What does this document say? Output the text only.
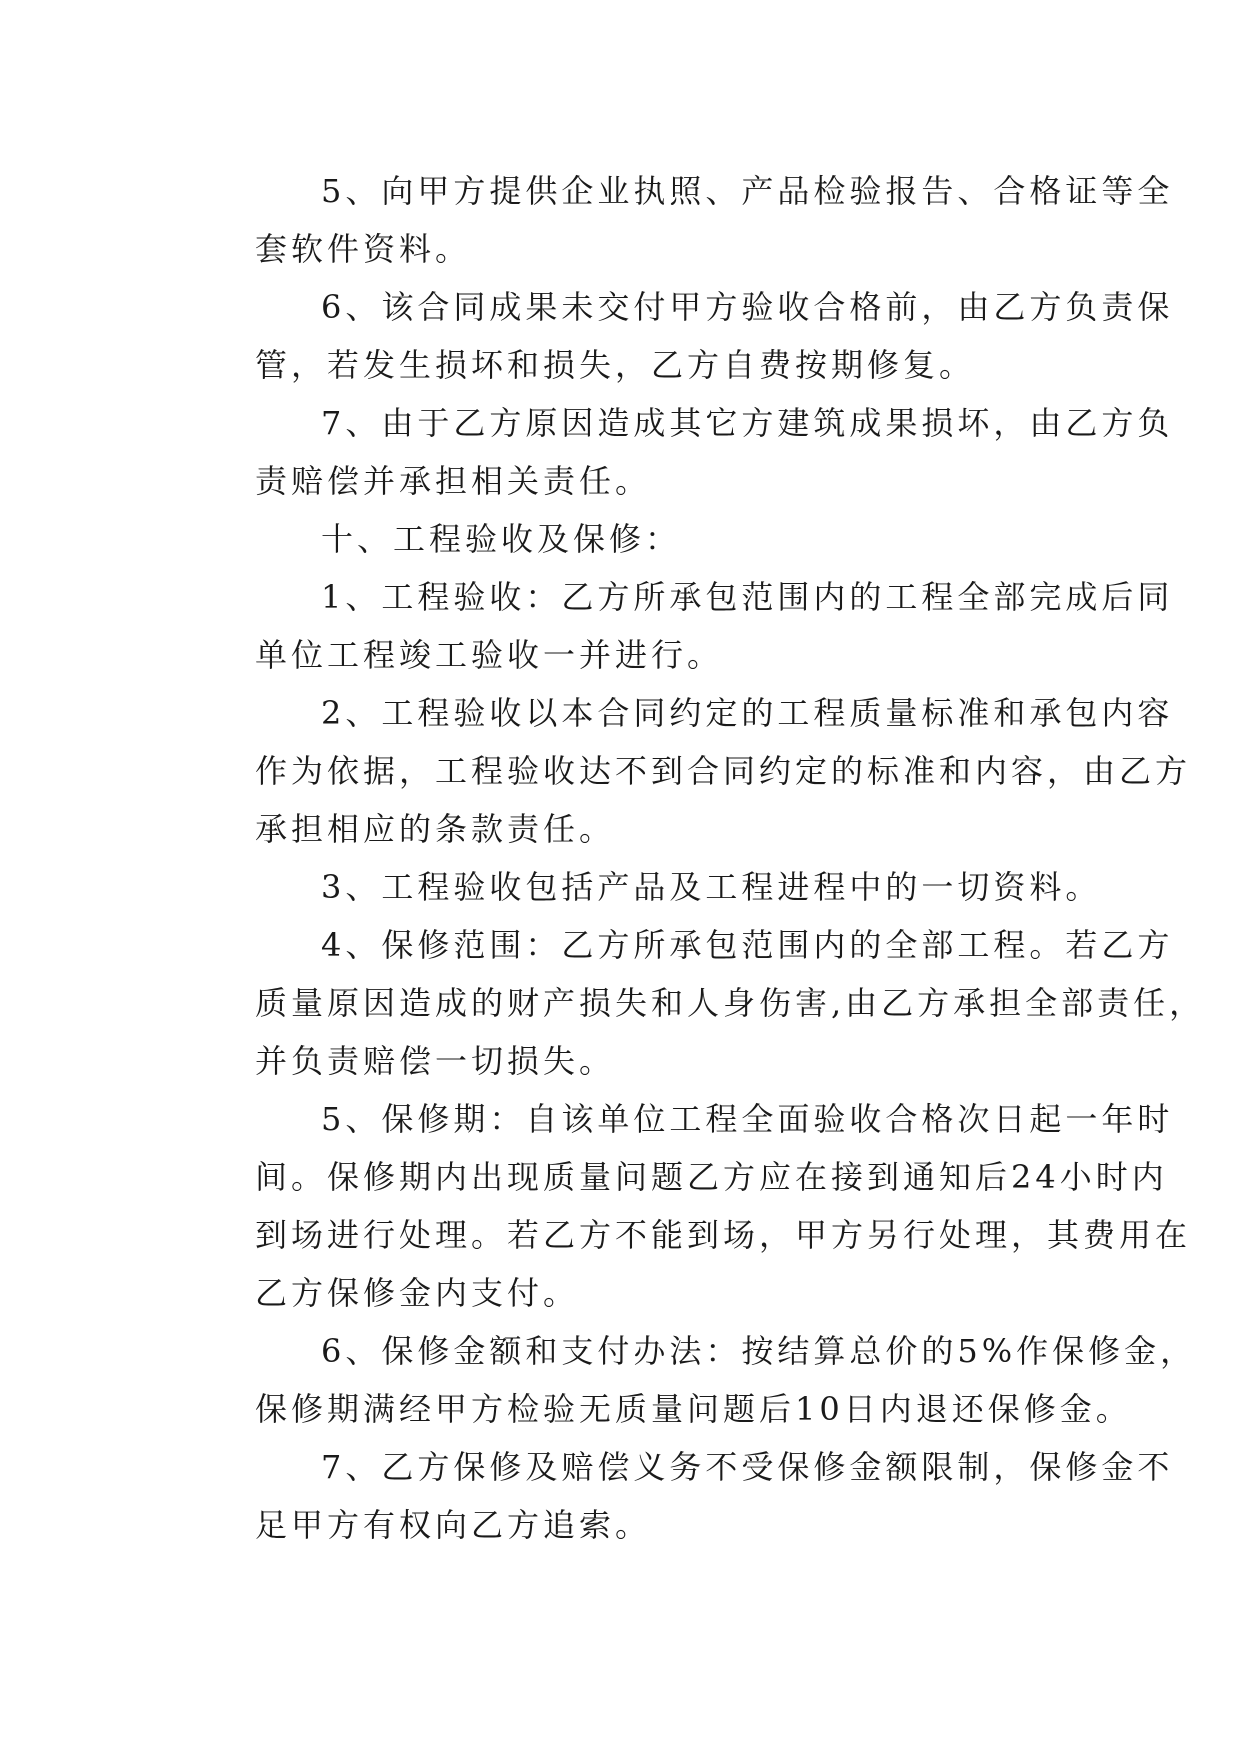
5、向甲方提供企业执照、产品检验报告、合格证等全
套软件资料。
6、该合同成果未交付甲方验收合格前，由乙方负责保
管，若发生损坏和损失，乙方自费按期修复。
7、由于乙方原因造成其它方建筑成果损坏，由乙方负
责赔偿并承担相关责任。
十、工程验收及保修：
1、工程验收：乙方所承包范围内的工程全部完成后同
单位工程竣工验收一并进行。
2、工程验收以本合同约定的工程质量标准和承包内容
作为依据，工程验收达不到合同约定的标准和内容，由乙方
承担相应的条款责任。
3、工程验收包括产品及工程进程中的一切资料。
4、保修范围：乙方所承包范围内的全部工程。若乙方
质量原因造成的财产损失和人身伤害,由乙方承担全部责任，
并负责赔偿一切损失。
5、保修期：自该单位工程全面验收合格次日起一年时
间。保修期内出现质量问题乙方应在接到通知后24小时内
到场进行处理。若乙方不能到场，甲方另行处理，其费用在
乙方保修金内支付。
6、保修金额和支付办法：按结算总价的5%作保修金，
保修期满经甲方检验无质量问题后10日内退还保修金。
7、乙方保修及赔偿义务不受保修金额限制，保修金不
足甲方有权向乙方追索。
